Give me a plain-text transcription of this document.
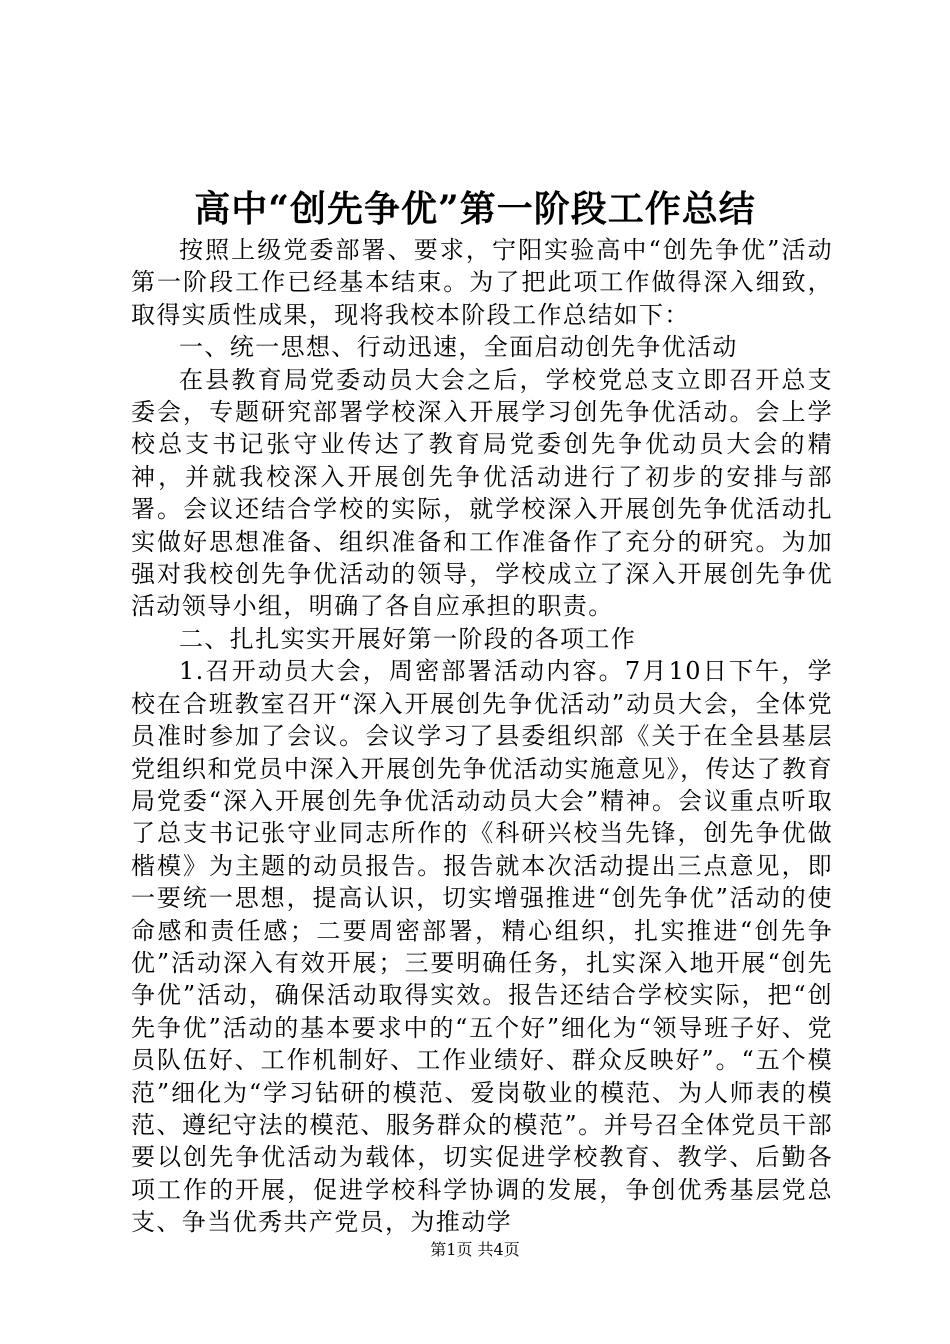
高中“创先争优”第一阶段工作总结

按照上级党委部署、要求，宁阳实验高中“创先争优”活动第一阶段工作已经基本结束。为了把此项工作做得深入细致，取得实质性成果，现将我校本阶段工作总结如下：

一、统一思想、行动迅速，全面启动创先争优活动

在县教育局党委动员大会之后，学校党总支立即召开总支委会，专题研究部署学校深入开展学习创先争优活动。会上学校总支书记张守业传达了教育局党委创先争优动员大会的精神，并就我校深入开展创先争优活动进行了初步的安排与部署。会议还结合学校的实际，就学校深入开展创先争优活动扎实做好思想准备、组织准备和工作准备作了充分的研究。为加强对我校创先争优活动的领导，学校成立了深入开展创先争优活动领导小组，明确了各自应承担的职责。

二、扎扎实实开展好第一阶段的各项工作

1.召开动员大会，周密部署活动内容。7月10日下午，学校在合班教室召开“深入开展创先争优活动”动员大会，全体党员准时参加了会议。会议学习了县委组织部《关于在全县基层党组织和党员中深入开展创先争优活动实施意见》，传达了教育局党委“深入开展创先争优活动动员大会”精神。会议重点听取了总支书记张守业同志所作的《科研兴校当先锋，创先争优做楷模》为主题的动员报告。报告就本次活动提出三点意见，即一要统一思想，提高认识，切实增强推进“创先争优”活动的使命感和责任感；二要周密部署，精心组织，扎实推进“创先争优”活动深入有效开展；三要明确任务，扎实深入地开展“创先争优”活动，确保活动取得实效。报告还结合学校实际，把“创先争优”活动的基本要求中的“五个好”细化为“领导班子好、党员队伍好、工作机制好、工作业绩好、群众反映好”。“五个模范”细化为“学习钻研的模范、爱岗敬业的模范、为人师表的模范、遵纪守法的模范、服务群众的模范”。并号召全体党员干部要以创先争优活动为载体，切实促进学校教育、教学、后勤各项工作的开展，促进学校科学协调的发展，争创优秀基层党总支、争当优秀共产党员，为推动学

第1页 共4页
